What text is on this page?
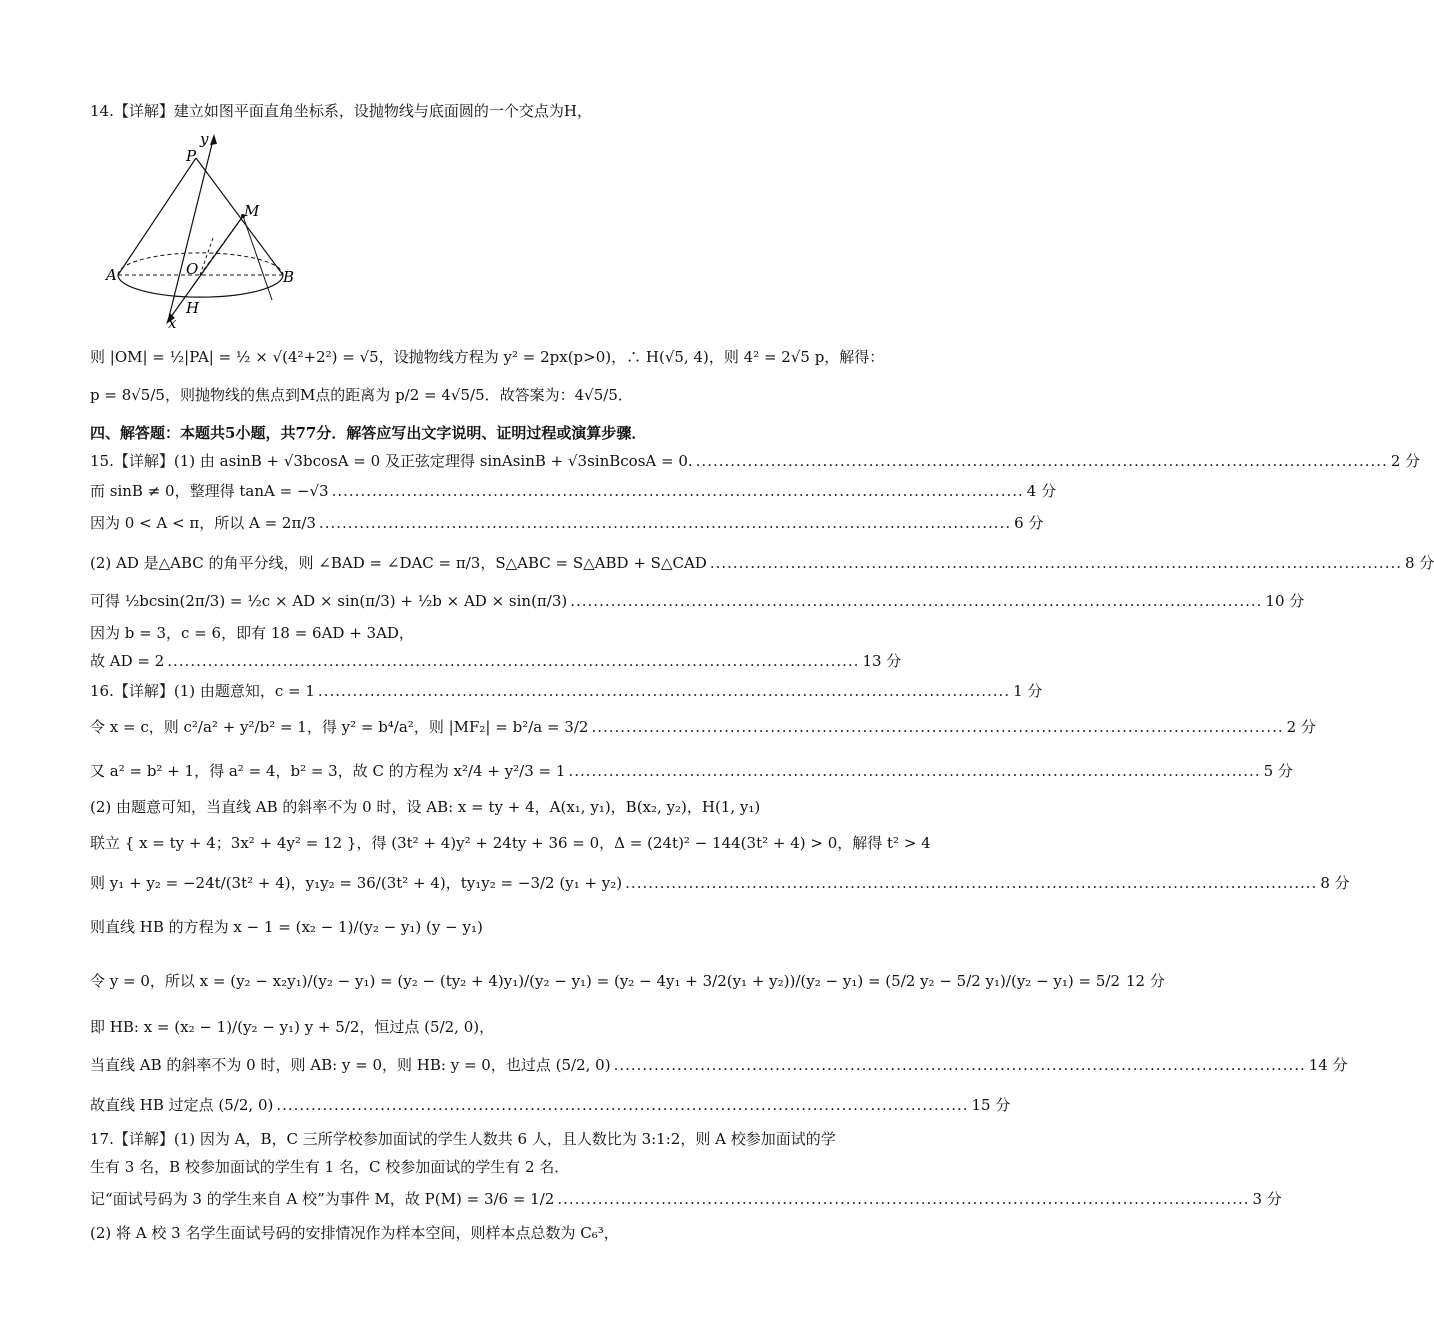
14.【详解】建立如图平面直角坐标系，设抛物线与底面圆的一个交点为H，
y
P
M
A	O	B
H
x
则 |OM| = ½|PA| = ½ × √(4²+2²) = √5，设抛物线方程为 y² = 2px(p>0)，∴ H(√5, 4)，则 4² = 2√5 p，解得：
p = 8√5/5，则抛物线的焦点到M点的距离为 p/2 = 4√5/5．故答案为：4√5/5．
四、解答题：本题共5小题，共77分．解答应写出文字说明、证明过程或演算步骤．
15.【详解】(1) 由 asinB + √3bcosA = 0 及正弦定理得 sinAsinB + √3sinBcosA = 0. ........................................................................................................................ 2 分
而 sinB ≠ 0，整理得 tanA = −√3 ........................................................................................................................ 4 分
因为 0 < A < π，所以 A = 2π/3 ........................................................................................................................ 6 分
(2) AD 是△ABC 的角平分线，则 ∠BAD = ∠DAC = π/3，S△ABC = S△ABD + S△CAD ........................................................................................................................ 8 分
可得 ½bcsin(2π/3) = ½c × AD × sin(π/3) + ½b × AD × sin(π/3) ........................................................................................................................ 10 分
因为 b = 3，c = 6，即有 18 = 6AD + 3AD，
故 AD = 2 ........................................................................................................................ 13 分
16.【详解】(1) 由题意知，c = 1 ........................................................................................................................ 1 分
令 x = c，则 c²/a² + y²/b² = 1，得 y² = b⁴/a²，则 |MF₂| = b²/a = 3/2 ........................................................................................................................ 2 分
又 a² = b² + 1，得 a² = 4，b² = 3，故 C 的方程为 x²/4 + y²/3 = 1 ........................................................................................................................ 5 分
(2) 由题意可知，当直线 AB 的斜率不为 0 时，设 AB: x = ty + 4，A(x₁, y₁)，B(x₂, y₂)，H(1, y₁)
联立 { x = ty + 4；3x² + 4y² = 12 }，得 (3t² + 4)y² + 24ty + 36 = 0，Δ = (24t)² − 144(3t² + 4) > 0，解得 t² > 4
则 y₁ + y₂ = −24t/(3t² + 4)，y₁y₂ = 36/(3t² + 4)，ty₁y₂ = −3/2 (y₁ + y₂) ........................................................................................................................ 8 分
则直线 HB 的方程为 x − 1 = (x₂ − 1)/(y₂ − y₁) (y − y₁)
令 y = 0，所以 x = (y₂ − x₂y₁)/(y₂ − y₁) = (y₂ − (ty₂ + 4)y₁)/(y₂ − y₁) = (y₂ − 4y₁ + 3/2(y₁ + y₂))/(y₂ − y₁) = (5/2 y₂ − 5/2 y₁)/(y₂ − y₁) = 5/2 12 分
即 HB: x = (x₂ − 1)/(y₂ − y₁) y + 5/2，恒过点 (5/2, 0)，
当直线 AB 的斜率不为 0 时，则 AB: y = 0，则 HB: y = 0，也过点 (5/2, 0) ........................................................................................................................ 14 分
故直线 HB 过定点 (5/2, 0) ........................................................................................................................ 15 分
17.【详解】(1) 因为 A，B，C 三所学校参加面试的学生人数共 6 人，且人数比为 3:1:2，则 A 校参加面试的学
生有 3 名，B 校参加面试的学生有 1 名，C 校参加面试的学生有 2 名．
记“面试号码为 3 的学生来自 A 校”为事件 M，故 P(M) = 3/6 = 1/2 ........................................................................................................................ 3 分
(2) 将 A 校 3 名学生面试号码的安排情况作为样本空间，则样本点总数为 C₆³，
